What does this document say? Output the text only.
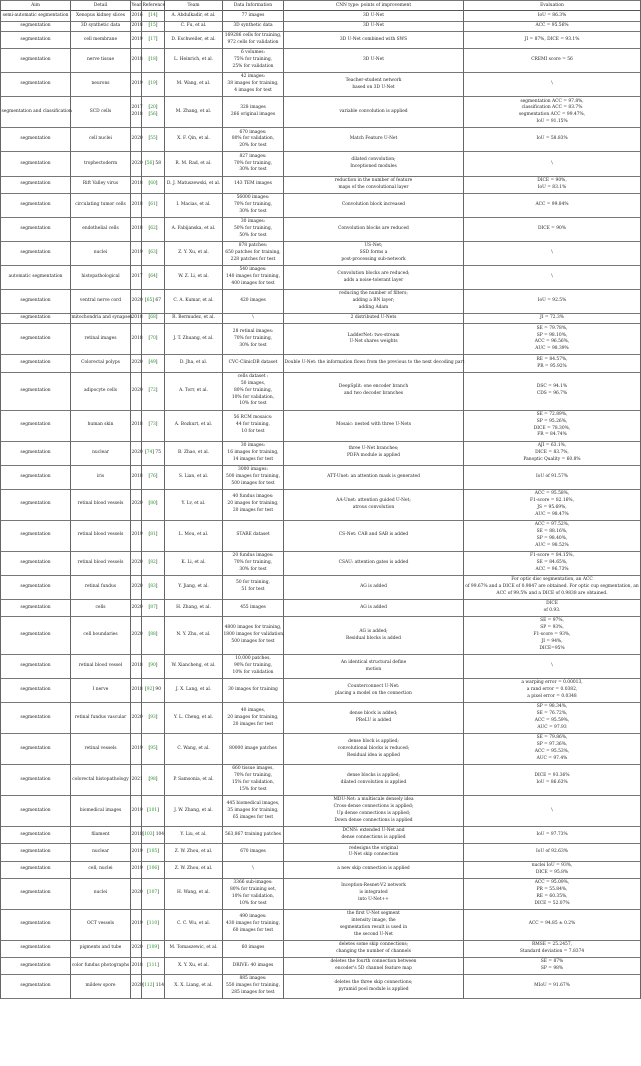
Aim	Detail	Year	Reference	Team	Data Information	CNN type: points of improvement	Evaluation

semi-automatic segmentation	Xenopus kidney slices	2016	[14]	A. Abdulkadir, et al.	77 images	3D U-Net	IoU = 86.3%

segmentation	3D synthetic data	2018	[15]	C. Fu, et al.	3D synthetic data	3D U-Net	ACC = 95.56%

segmentation	cell membrane	2019	[17]	D. Eschweiler, et al.	169286 cells for training,
972 cells for validation	3D U-Net combined with SWS	JI = 87%, DICE = 93.1%

segmentation	nerve tissue	2018	[18]	L. Heinrich, et al.	6 volumes:
75% for training,
25% for validation	3D U-Net	CREMI score = 56

segmentation	neurons	2019	[19]	M. Wang, et al.	42 images:
38 images for training,
4 images for test	Teacher-student network
based on 3D U-Net	\

segmentation and classification	SCD cells	2017
2018	[20]
[56]	M. Zhang, et al.	328 images
266 original images	variable convolution is applied	segmentation ACC = 97.8%,
classification ACC = 83.7%
segmentation ACC = 99.47%,
IoU = 91.15%

segmentation	cell nuclei	2020	[55]	X. F. Qin, et al.	670 images:
80% for validation,
20% for test	Match Feature U-Net	IoU = 58.83%

segmentation	trophectoderm	2020	[56] 58	R. M. Rad, et al.	827 images:
70% for training,
30% for test	dilated convolution;
Inceptioned modules	\

segmentation	Rift Valley virus	2018	[60]	D. J. Matuszewski, et al.	143 TEM images	reduction in the number of feature
maps of the convolutional layer	DICE = 90%,
IoU = 83.1%

segmentation	circulating tumor cells	2018	[61]	I. Macias, et al.	56000 images:
70% for training,
30% for test	Convolution block increased	ACC = 99.84%

segmentation	endothelial cells	2018	[62]	A. Fabijanska, et al.	30 images:
50% for training,
50% for test	Convolution blocks are reduced	DICE = 90%

segmentation	nuclei	2019	[63]	Z. Y. Xu, et al.	878 patches:
650 patches for training,
228 patches for test	US-Net;
SSD forms a
post-processing sub-network	\

automatic segmentation	histopathological	2017	[64]	W. Z. Li, et al.	540 images:
140 images for training,
400 images for test	Convolution blocks are reduced;
adds a noise-tolerant layer	\

segmentation	ventral nerve cord	2020	[65] 67	C. A. Kumar, et al.	420 images	reducing the number of filters;
adding a BN layer;
adding Adam	IoU = 92.5%

segmentation	mitochondria and synapses	2018	[68]	R. Bermudez, et al.	\	2 distributed U-Nets	JI = 72.3%

segmentation	retinal images	2018	[70]	J. T. Zhuang, et al.	28 retinal images:
70% for training,
30% for test	LadderNet: two-stream
U-Net shares weights	SE = 79.78%,
SP = 98.10%,
ACC = 96.56%,
AUC = 98.39%

segmentation	Colorectal polyps	2020	[49]	D. Jha, et al.	CVC-ClinicDB dataset	Double U-Net: the information flows from the previous to the next decoding part	RE = 84.57%,
PR = 95.92%

segmentation	adipocyte cells	2020	[72]	A. Torr, et al.	cells dataset :
50 images,
80% for training,
10% for validation,
10% for test	DeepSplit: one encoder branch
and two decoder branches	DSC = 94.1%
CDS = 96.7%

segmentation	human skin	2018	[73]	A. Bozkurt, et al.	56 RCM mosaics:
44 for training,
10 for test	Mosaic: nested with three U-Nets	SE = 72.89%,
SP = 95.26%,
DICE = 78.30%,
FR = 84.74%

segmentation	nuclear	2020	[74] 75	B. Zhao, et al.	30 images:
16 images for training,
14 images for test	three U-Net branches;
PDFA module is applied	AJI = 63.1%,
DICE = 83.7%,
Panoptic Quality = 60.8%

segmentation	iris	2018	[76]	S. Lian, et al.	3000 images:
500 images for training,
500 images for test	ATT-Unet: an attention mask is generated	IoU of 91.57%

segmentation	retinal blood vessels	2020	[80]	Y. Lv, et al.	40 fundus images:
20 images for training,
20 images for test	AA-Unet: attention guided U-Net;
atrous convolution	ACC = 95.58%,
F1-score = 82.16%,
JS = 95.69%,
AUC = 98.47%

segmentation	retinal blood vessels	2019	[81]	L. Mou, et al.	STARE dataset	CS-Net: CAB and SAB is added	ACC = 97.52%,
SE = 88.16%,
SP = 98.40%,
AUC = 98.52%

segmentation	retinal blood vessels	2020	[82]	K. Li, et al.	20 fundus images:
70% for training,
30% for test	CSAU: attention gates is added	F1-score = 84.15%,
SE = 84.65%,
ACC = 96.73%

segmentation	retinal fundus	2020	[83]	Y. Jiang, et al.	50 for training,
51 for test	AG is added	For optic disc segmentation, an ACC
of 99.67% and a DICE of 0.9847 are obtained. For optic cup segmentation, an
ACC of 99.5% and a DICE of 0.9838 are obtained.

segmentation	cells	2020	[87]	H. Zhang, et al.	455 images	AG is added	DICE
of 0.93.

segmentation	cell boundaries	2020	[88]	N. Y. Zhu, et al.	4800 images for training,
1800 images for validation,
500 images for test	AG is added;
Residual blocks is added	SE = 97%,
SP = 93%,
F1-score = 93%,
JI = 94%,
DICE=95%

segmentation	retinal blood vessel	2018	[90]	W. Xiancheng, et al.	10,000 patches,
90% for training,
10% for validation	An identical structural define
motion	\

segmentation	I nerve	2018	[92] 90	J. X. Lang, et al.	30 images for training	Counterconnect U-Net:
placing a model on the connection	a warping error = 0.00013,
a rand error = 0.0382,
a pixel error = 0.0348

segmentation	retinal fundus vascular	2020	[93]	Y. L. Cheng, et al.	40 images,
20 images for training,
20 images for test	dense block is added;
PReLU is added	SP = 98.34%,
SE = 76.72%,
ACC = 95.59%,
AUC = 97.93

segmentation	retinal vessels	2019	[95]	C. Wang, et al.	80000 image patches	dense block is applied;
convolutional blocks is reduced;
Residual idea is applied	SE = 79.86%,
SP = 97.36%,
ACC = 95.53%,
AUC = 97.4%

segmentation	colorectal histopathology	2021	[98]	P. Samsonia, et al.	660 tissue images,
70% for training,
15% for validation,
15% for test	dense blocks is applied;
dilated convolution is applied	DICE = 93.36%
IoU = 86.63%

segmentation	biomedical images	2019	[101]	J. W. Zhang, et al.	445 biomedical images,
35 images for training,
65 images for test	MDU-Net: a multiscale densely idea
Cross-dense connections is applied;
Up dense connections is applied;
Down dense connections is applied	\

segmentation	filament	2018	[103] 104	Y. Liu, et al.	563,867 training patches	DCNN: extended U-Net and
dense connections is applied	IoU = 97.73%

segmentation	nuclear	2019	[105]	Z. W. Zhou, et al.	670 images	redesigns the original
U-Net skip connection	IoU of 92.63%

segmentation	cell, nuclei	2019	[106]	Z. W. Zhou, et al.	\	a new skip connection is applied	nuclei IoU = 93%,
DICE = 95.8%

segmentation	nuclei	2020	[107]	H. Wang, et al.	3366 sub-images:
80% for training set,
10% for validation,
10% for test	Inception-Resnet-V2 network
is integrated
into U-Net++	ACC = 95.09%,
PR = 55.84%,
RE = 60.35%,
DICE = 52.07%

segmentation	OCT vessels	2019	[110]	C. C. Wu, et al.	490 images:
430 images for training,
60 images for test	the first U-Net segment
intensity image, the
segmentation result is used in
the second U-Net	ACC = 94.85 ± 0.2%

segmentation	pigments and tube	2020	[109]	M. Tomaszewic, et al.	60 images	deletes some skip connections;
changing the number of channels	RMSE = 25.2457,
Standard deviation = 7.8374

segmentation	color fundus photographs	2018	[111]	X. Y. Xu, et al.	DRIVE: 40 images	deletes the fourth connection between
encoder's 5D channel feature map	SE = 87%
SP = 98%

segmentation	mildew spore	2020	[112] 114	X. X. Liang, et al.	885 images:
550 images for training,
285 images for test	deletes the three skip connections;
pyramid pool module is applied	MIoU = 91.67%
